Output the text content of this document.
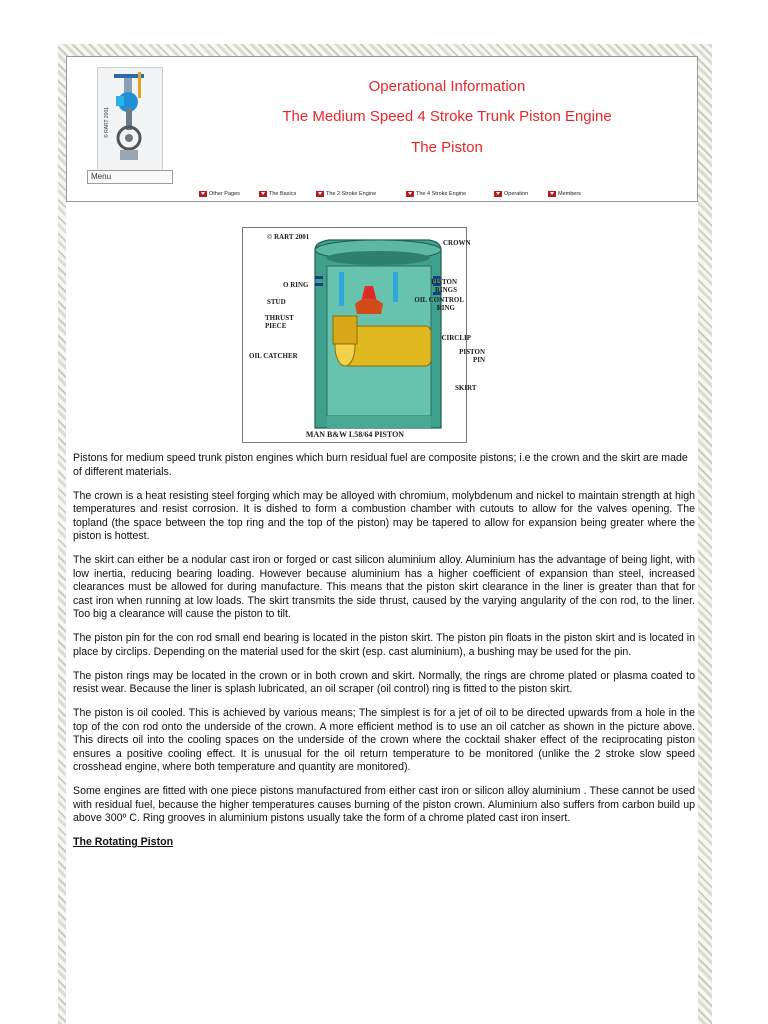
© RART 2001
Menu
Operational Information
The Medium Speed 4 Stroke Trunk Piston Engine
The Piston
Other Pages	The Basics	The 2 Stroke Engine	The 4 Stroke Engine	Operation	Members
© RART 2001
CROWN
O RING
STUD
THRUST
PIECE
OIL CATCHER
PISTON
RINGS
OIL CONTROL
RING
CIRCLIP
PISTON
PIN
SKIRT
MAN B&W L58/64 PISTON

Pistons for medium speed trunk piston engines which burn residual fuel are composite pistons; i.e the crown and the skirt are made of different materials.

The crown is a heat resisting steel forging which may be alloyed with chromium, molybdenum and nickel to maintain strength at high temperatures and resist corrosion. It is dished to form a combustion chamber with cutouts to allow for the valves opening. The topland (the space between the top ring and the top of the piston) may be tapered to allow for expansion being greater where the piston is hottest.

The skirt can either be a nodular cast iron or forged or cast silicon aluminium alloy. Aluminium has the advantage of being light, with low inertia, reducing bearing loading. However because aluminium has a higher coefficient of expansion than steel, increased clearances must be allowed for during manufacture. This means that the piston skirt clearance in the liner is greater than that for cast iron when running at low loads. The skirt transmits the side thrust, caused by the varying angularity of the con rod, to the liner. Too big a clearance will cause the piston to tilt.

The piston pin for the con rod small end bearing is located in the piston skirt. The piston pin floats in the piston skirt and is located in place by circlips. Depending on the material used for the skirt (esp. cast aluminium), a bushing may be used for the pin.

The piston rings may be located in the crown or in both crown and skirt. Normally, the rings are chrome plated or plasma coated to resist wear. Because the liner is splash lubricated, an oil scraper (oil control) ring is fitted to the piston skirt.

The piston is oil cooled. This is achieved by various means; The simplest is for a jet of oil to be directed upwards from a hole in the top of the con rod onto the underside of the crown. A more efficient method is to use an oil catcher as shown in the picture above. This directs oil into the cooling spaces on the underside of the crown where the cocktail shaker effect of the reciprocating piston ensures a positive cooling effect. It is unusual for the oil return temperature to be monitored (unlike the 2 stroke slow speed crosshead engine, where both temperature and quantity are monitored).

Some engines are fitted with one piece pistons manufactured from either cast iron or silicon alloy aluminium . These cannot be used with residual fuel, because the higher temperatures causes burning of the piston crown. Aluminium also suffers from carbon build up above 300º C. Ring grooves in aluminium pistons usually take the form of a chrome plated cast iron insert.

The Rotating Piston
